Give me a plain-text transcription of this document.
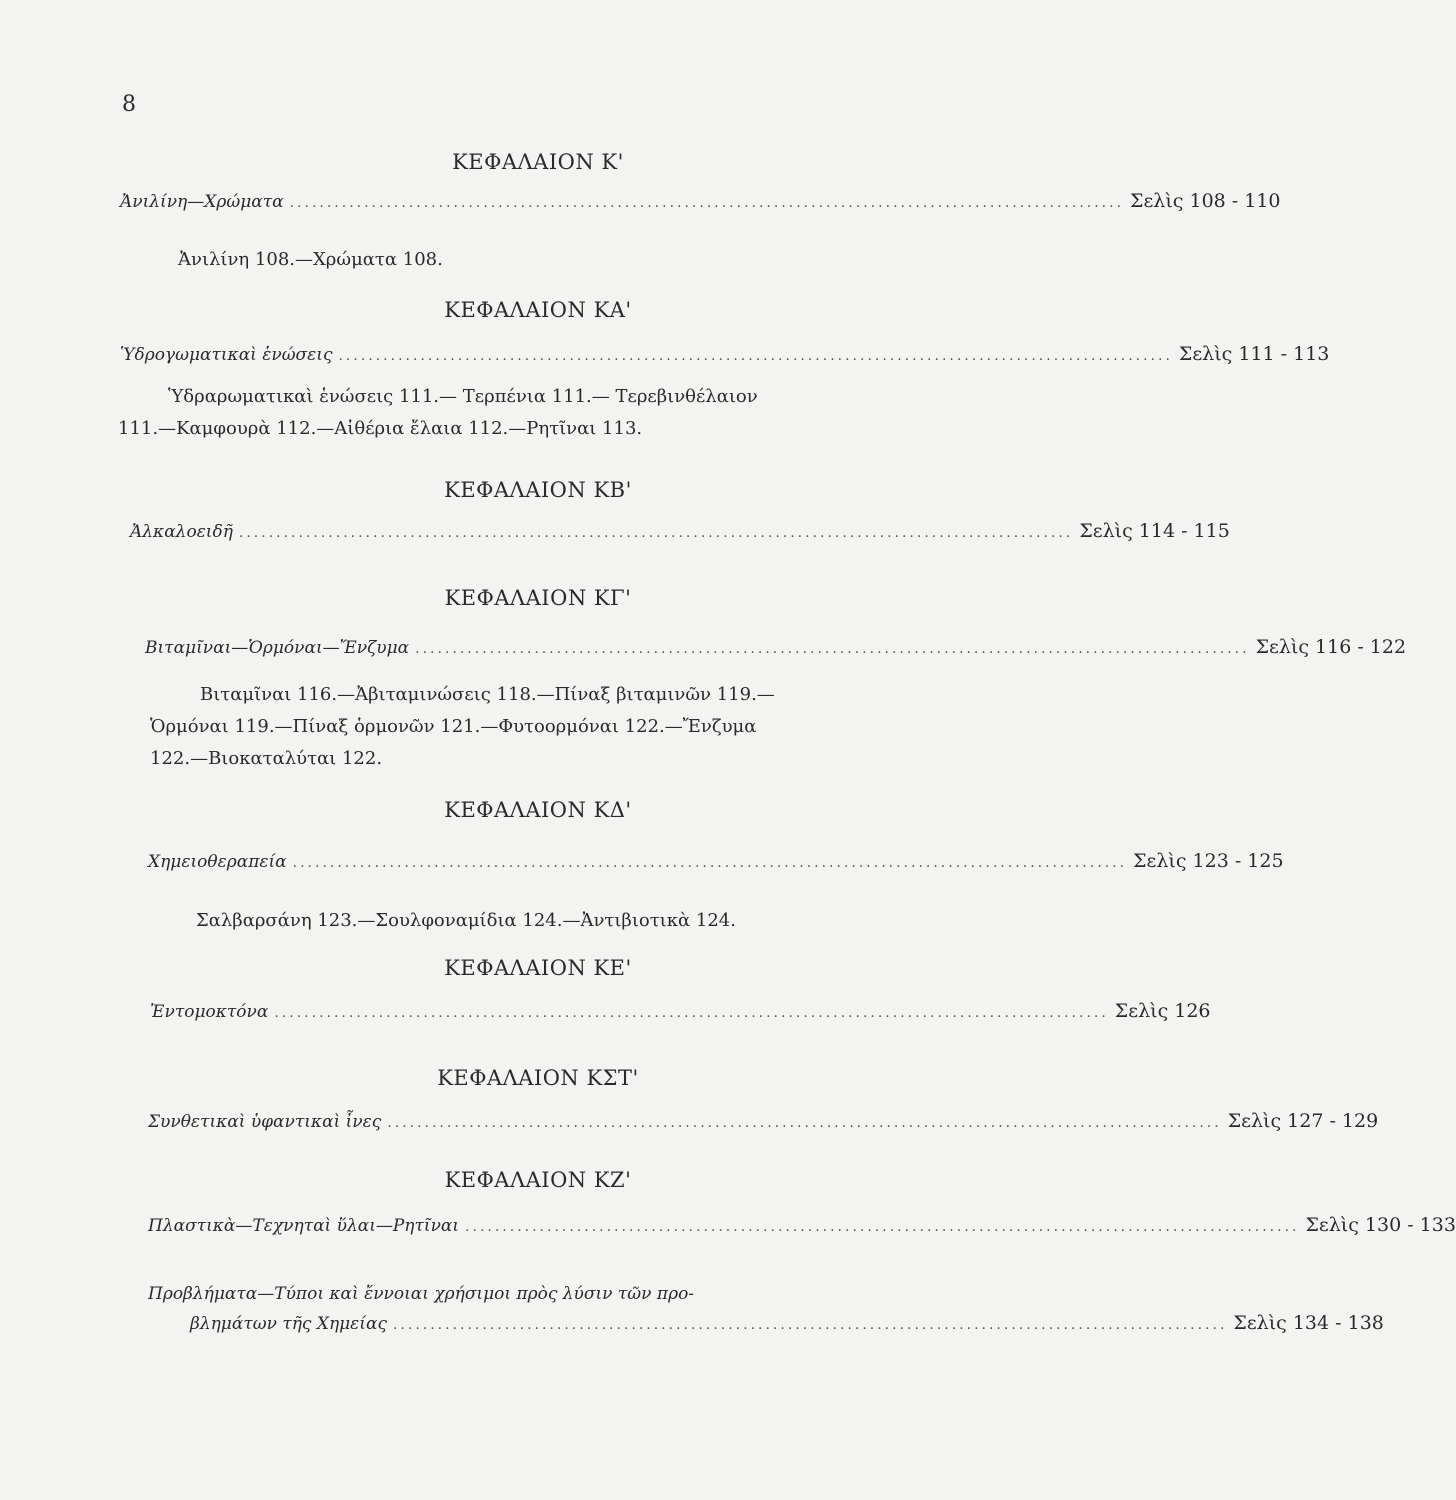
8
ΚΕΦΑΛΑΙΟΝ Κ'
Ἀνιλίνη—Χρώματα ................................................................................................................ Σελὶς 108 - 110
Ἀνιλίνη 108.—Χρώματα 108.
ΚΕΦΑΛΑΙΟΝ ΚΑ'
Ὑδρογωματικαὶ ἑνώσεις ................................................................................................................ Σελὶς 111 - 113
Ὑδραρωματικαὶ ἑνώσεις 111.— Τερπένια 111.— Τερεβινθέλαιον
111.—Καμφουρὰ 112.—Αἰθέρια ἔλαια 112.—Ρητῖναι 113.
ΚΕΦΑΛΑΙΟΝ ΚΒ'
Ἀλκαλοειδῆ ................................................................................................................ Σελὶς 114 - 115
ΚΕΦΑΛΑΙΟΝ ΚΓ'
Βιταμῖναι—Ὁρμόναι—Ἔνζυμα ................................................................................................................ Σελὶς 116 - 122
Βιταμῖναι 116.—Ἀβιταμινώσεις 118.—Πίναξ βιταμινῶν 119.—
Ὁρμόναι 119.—Πίναξ ὁρμονῶν 121.—Φυτοορμόναι 122.—Ἔνζυμα
122.—Βιοκαταλύται 122.
ΚΕΦΑΛΑΙΟΝ ΚΔ'
Χημειοθεραπεία ................................................................................................................ Σελὶς 123 - 125
Σαλβαρσάνη 123.—Σουλφοναμίδια 124.—Ἀντιβιοτικὰ 124.
ΚΕΦΑΛΑΙΟΝ ΚΕ'
Ἐντομοκτόνα ................................................................................................................ Σελὶς 126
ΚΕΦΑΛΑΙΟΝ ΚΣΤ'
Συνθετικαὶ ὑφαντικαὶ ἶνες ................................................................................................................ Σελὶς 127 - 129
ΚΕΦΑΛΑΙΟΝ ΚΖ'
Πλαστικὰ—Τεχνηταὶ ὕλαι—Ρητῖναι ................................................................................................................ Σελὶς 130 - 133
Προβλήματα—Τύποι καὶ ἔννοιαι χρήσιμοι πρὸς λύσιν τῶν προ-
βλημάτων τῆς Χημείας ................................................................................................................ Σελὶς 134 - 138
